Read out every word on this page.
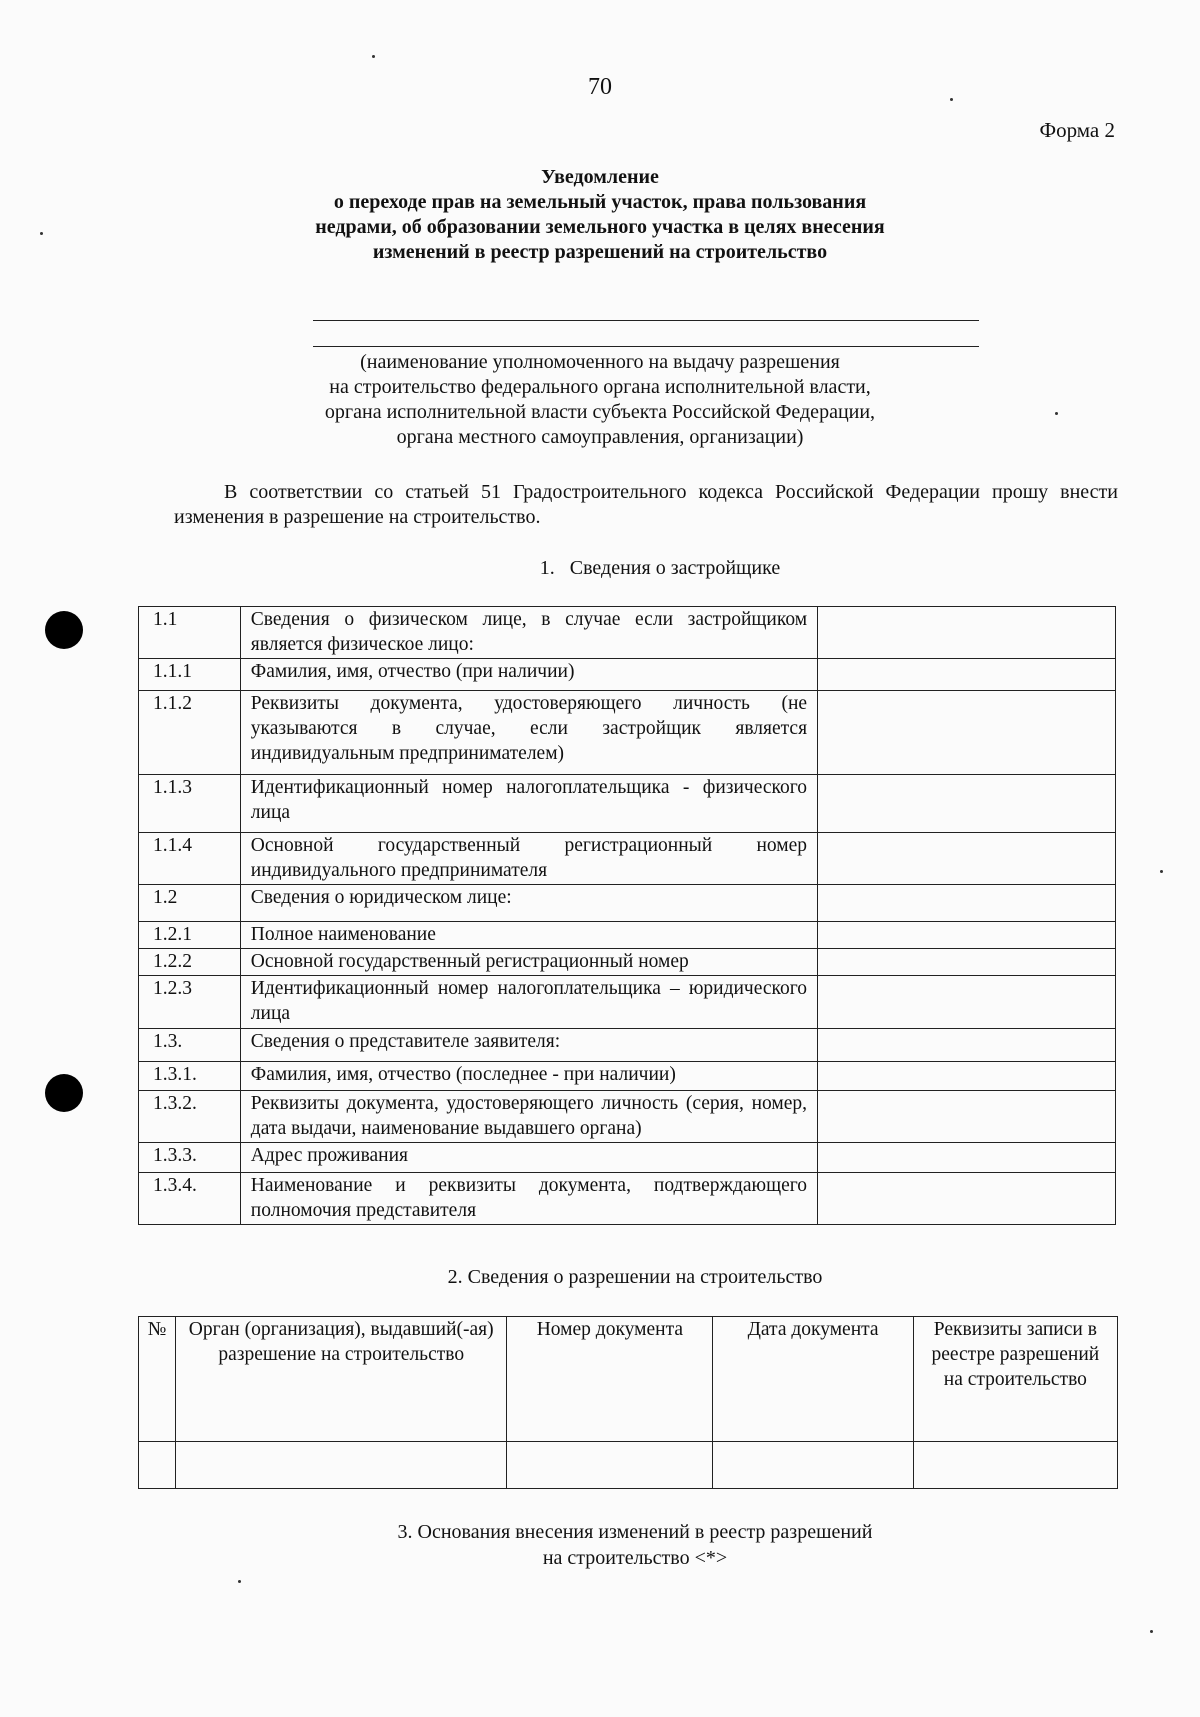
70
Форма 2
Уведомление
о переходе прав на земельный участок, права пользования
недрами, об образовании земельного участка в целях внесения
изменений в реестр разрешений на строительство
(наименование уполномоченного на выдачу разрешения
на строительство федерального органа исполнительной власти,
органа исполнительной власти субъекта Российской Федерации,
органа местного самоуправления, организации)
В соответствии со статьей 51 Градостроительного кодекса Российской Федерации прошу внести изменения в разрешение на строительство.
1.   Сведения о застройщике
1.1	Сведения о физическом лице, в случае если застройщиком является физическое лицо:	
1.1.1	Фамилия, имя, отчество (при наличии)	
1.1.2	Реквизиты документа, удостоверяющего личность (не указываются в случае, если застройщик является индивидуальным предпринимателем)	
1.1.3	Идентификационный номер налогоплательщика - физического лица	
1.1.4	Основной государственный регистрационный номер индивидуального предпринимателя	
1.2	Сведения о юридическом лице:	
1.2.1	Полное наименование	
1.2.2	Основной государственный регистрационный номер	
1.2.3	Идентификационный номер налогоплательщика – юридического лица	
1.3.	Сведения о представителе заявителя:	
1.3.1.	Фамилия, имя, отчество (последнее - при наличии)	
1.3.2.	Реквизиты документа, удостоверяющего личность (серия, номер, дата выдачи, наименование выдавшего органа)	
1.3.3.	Адрес проживания	
1.3.4.	Наименование и реквизиты документа, подтверждающего полномочия представителя	
2. Сведения о разрешении на строительство
№	Орган (организация), выдавший(-ая) разрешение на строительство	Номер документа	Дата документа	Реквизиты записи в реестре разрешений на строительство

3. Основания внесения изменений в реестр разрешений
на строительство <*>
